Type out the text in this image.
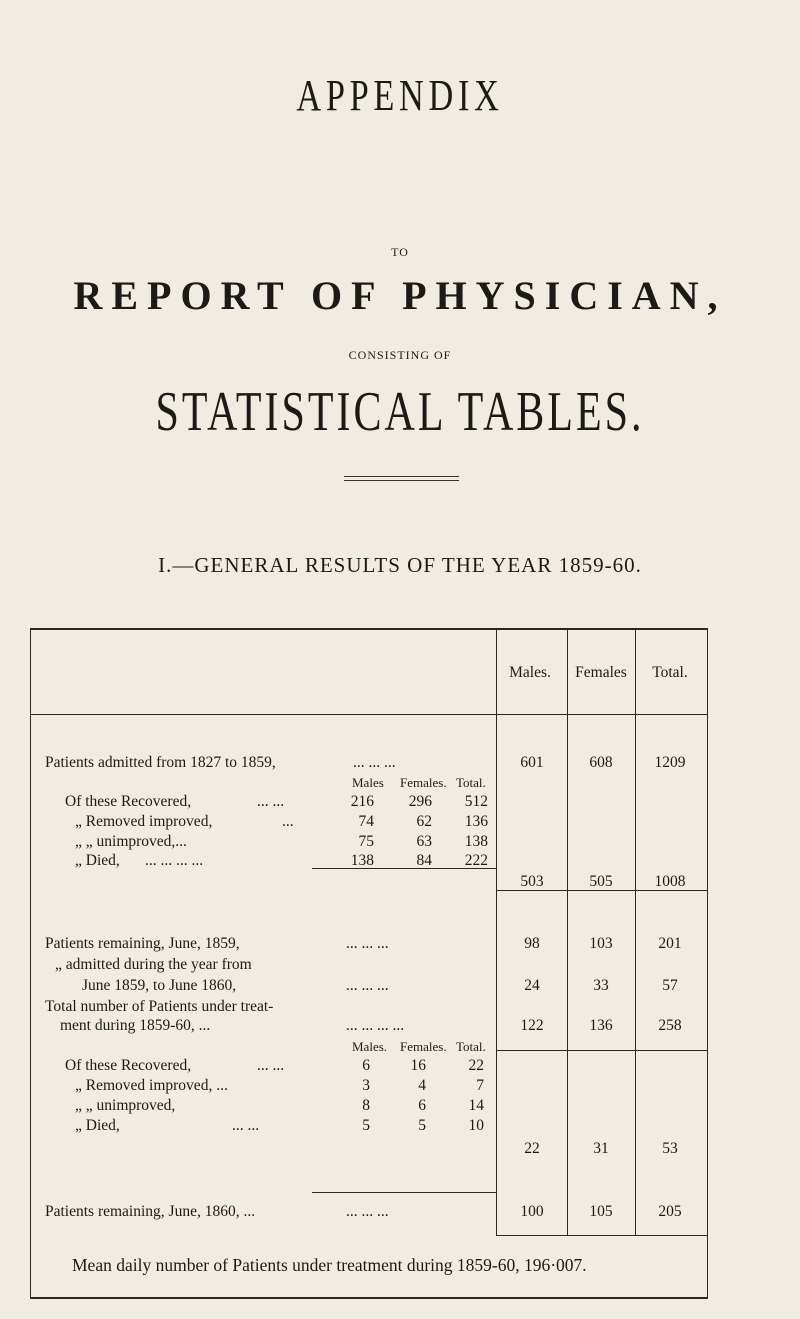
APPENDIX
TO
REPORT OF PHYSICIAN,
CONSISTING OF
STATISTICAL TABLES.
I.—GENERAL RESULTS OF THE YEAR 1859-60.
Males.	Females	Total.
Patients admitted from 1827 to 1859,	... ... ...	601	608	1209
Males Females. Total.
Of these Recovered,	... ...	216	296	512
„ Removed improved,	...	74	62	136
„ „ unimproved,...	75	63	138
„ Died, ... ... ... ...	138	84	222
503	505	1008
Patients remaining, June, 1859,	... ... ...	98	103	201
„ admitted during the year from
June 1859, to June 1860,	... ... ...	24	33	57
Total number of Patients under treat-
ment during 1859-60, ...	... ... ... ...	122	136	258
Males. Females. Total.
Of these Recovered,	... ...	6	16	22
„ Removed improved, ...	3	4	7
„ „ unimproved,	8	6	14
„ Died,	... ...	5	5	10
22	31	53
Patients remaining, June, 1860, ...	... ... ...	100	105	205
Mean daily number of Patients under treatment during 1859-60, 196·007.
